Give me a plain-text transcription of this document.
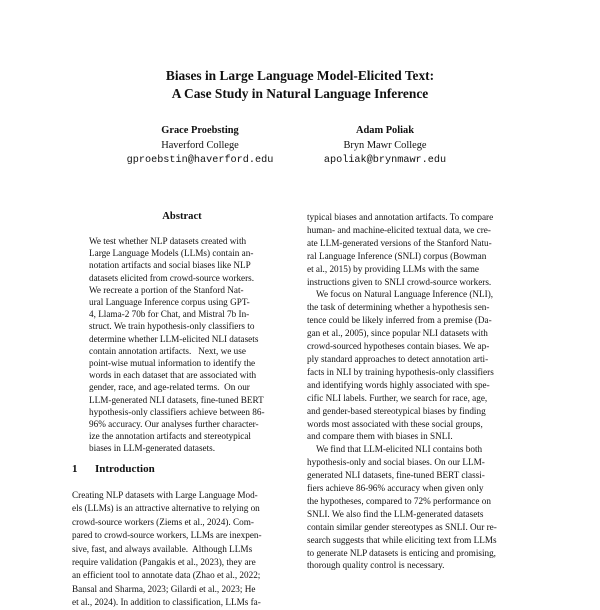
Biases in Large Language Model-Elicited Text:
A Case Study in Natural Language Inference
Grace Proebsting
Haverford College
gproebstin@haverford.edu
Adam Poliak
Bryn Mawr College
apoliak@brynmawr.edu
Abstract
We test whether NLP datasets created with
Large Language Models (LLMs) contain an-
notation artifacts and social biases like NLP
datasets elicited from crowd-source workers.
We recreate a portion of the Stanford Nat-
ural Language Inference corpus using GPT-
4, Llama-2 70b for Chat, and Mistral 7b In-
struct. We train hypothesis-only classifiers to
determine whether LLM-elicited NLI datasets
contain annotation artifacts.   Next, we use
point-wise mutual information to identify the
words in each dataset that are associated with
gender, race, and age-related terms.  On our
LLM-generated NLI datasets, fine-tuned BERT
hypothesis-only classifiers achieve between 86-
96% accuracy. Our analyses further character-
ize the annotation artifacts and stereotypical
biases in LLM-generated datasets.
1 Introduction
Creating NLP datasets with Large Language Mod-
els (LLMs) is an attractive alternative to relying on
crowd-source workers (Ziems et al., 2024). Com-
pared to crowd-source workers, LLMs are inexpen-
sive, fast, and always available.  Although LLMs
require validation (Pangakis et al., 2023), they are
an efficient tool to annotate data (Zhao et al., 2022;
Bansal and Sharma, 2023; Gilardi et al., 2023; He
et al., 2024). In addition to classification, LLMs fa-
typical biases and annotation artifacts. To compare
human- and machine-elicited textual data, we cre-
ate LLM-generated versions of the Stanford Natu-
ral Language Inference (SNLI) corpus (Bowman
et al., 2015) by providing LLMs with the same
instructions given to SNLI crowd-source workers.
We focus on Natural Language Inference (NLI),
the task of determining whether a hypothesis sen-
tence could be likely inferred from a premise (Da-
gan et al., 2005), since popular NLI datasets with
crowd-sourced hypotheses contain biases. We ap-
ply standard approaches to detect annotation arti-
facts in NLI by training hypothesis-only classifiers
and identifying words highly associated with spe-
cific NLI labels. Further, we search for race, age,
and gender-based stereotypical biases by finding
words most associated with these social groups,
and compare them with biases in SNLI.
We find that LLM-elicited NLI contains both
hypothesis-only and social biases. On our LLM-
generated NLI datasets, fine-tuned BERT classi-
fiers achieve 86-96% accuracy when given only
the hypotheses, compared to 72% performance on
SNLI. We also find the LLM-generated datasets
contain similar gender stereotypes as SNLI. Our re-
search suggests that while eliciting text from LLMs
to generate NLP datasets is enticing and promising,
thorough quality control is necessary.
